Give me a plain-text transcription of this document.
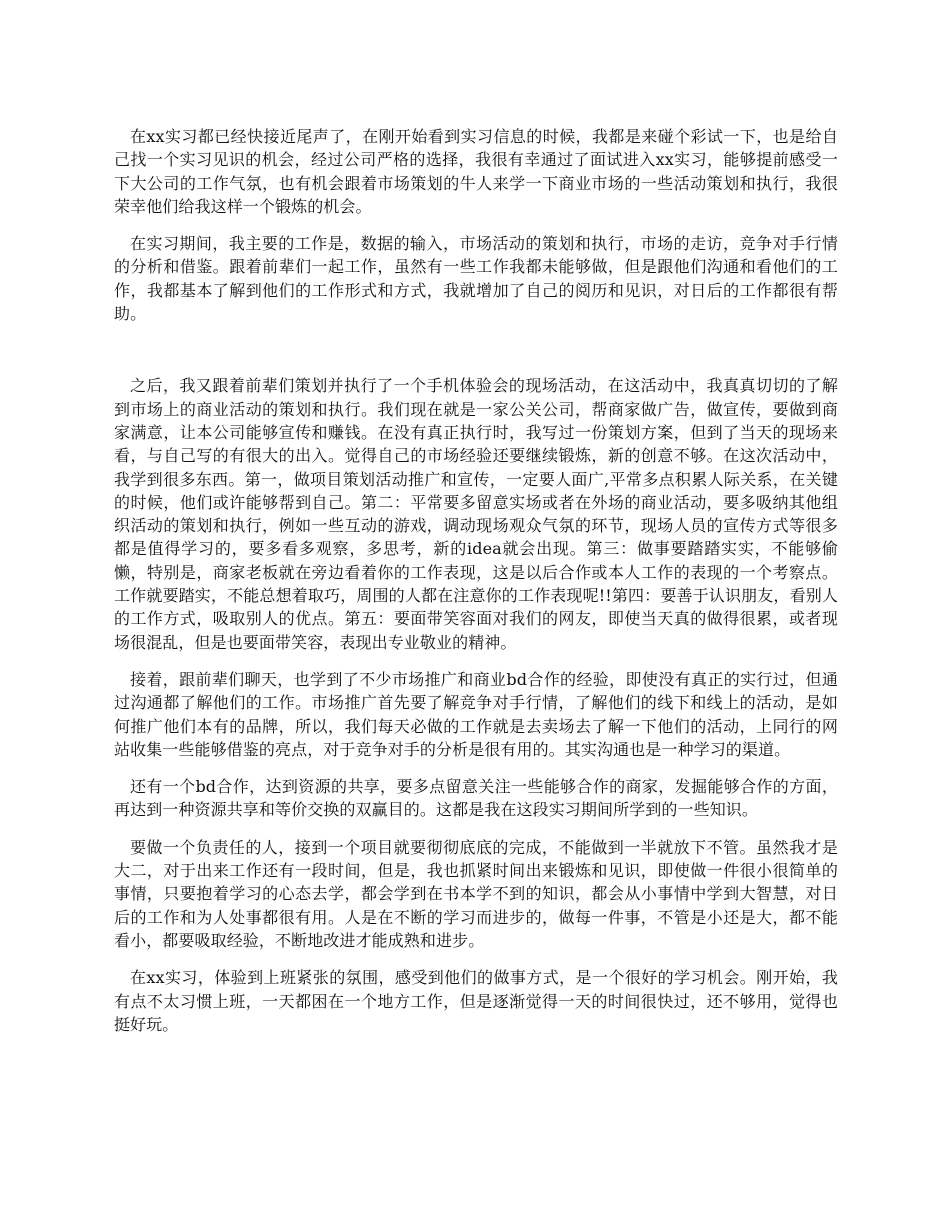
在xx实习都已经快接近尾声了，在刚开始看到实习信息的时候，我都是来碰个彩试一下，也是给自己找一个实习见识的机会，经过公司严格的选择，我很有幸通过了面试进入xx实习，能够提前感受一下大公司的工作气氛，也有机会跟着市场策划的牛人来学一下商业市场的一些活动策划和执行，我很荣幸他们给我这样一个锻炼的机会。

在实习期间，我主要的工作是，数据的输入，市场活动的策划和执行，市场的走访，竞争对手行情的分析和借鉴。跟着前辈们一起工作，虽然有一些工作我都未能够做，但是跟他们沟通和看他们的工作，我都基本了解到他们的工作形式和方式，我就增加了自己的阅历和见识，对日后的工作都很有帮助。

之后，我又跟着前辈们策划并执行了一个手机体验会的现场活动，在这活动中，我真真切切的了解到市场上的商业活动的策划和执行。我们现在就是一家公关公司，帮商家做广告，做宣传，要做到商家满意，让本公司能够宣传和赚钱。在没有真正执行时，我写过一份策划方案，但到了当天的现场来看，与自己写的有很大的出入。觉得自己的市场经验还要继续锻炼，新的创意不够。在这次活动中，我学到很多东西。第一，做项目策划活动推广和宣传，一定要人面广,平常多点积累人际关系，在关键的时候，他们或许能够帮到自己。第二：平常要多留意实场或者在外场的商业活动，要多吸纳其他组织活动的策划和执行，例如一些互动的游戏，调动现场观众气氛的环节，现场人员的宣传方式等很多都是值得学习的，要多看多观察，多思考，新的idea就会出现。第三：做事要踏踏实实，不能够偷懒，特别是，商家老板就在旁边看着你的工作表现，这是以后合作或本人工作的表现的一个考察点。工作就要踏实，不能总想着取巧，周围的人都在注意你的工作表现呢!!第四：要善于认识朋友，看别人的工作方式，吸取别人的优点。第五：要面带笑容面对我们的网友，即使当天真的做得很累，或者现场很混乱，但是也要面带笑容，表现出专业敬业的精神。

接着，跟前辈们聊天，也学到了不少市场推广和商业bd合作的经验，即使没有真正的实行过，但通过沟通都了解他们的工作。市场推广首先要了解竞争对手行情，了解他们的线下和线上的活动，是如何推广他们本有的品牌，所以，我们每天必做的工作就是去卖场去了解一下他们的活动，上同行的网站收集一些能够借鉴的亮点，对于竞争对手的分析是很有用的。其实沟通也是一种学习的渠道。

还有一个bd合作，达到资源的共享，要多点留意关注一些能够合作的商家，发掘能够合作的方面，再达到一种资源共享和等价交换的双赢目的。这都是我在这段实习期间所学到的一些知识。

要做一个负责任的人，接到一个项目就要彻彻底底的完成，不能做到一半就放下不管。虽然我才是大二，对于出来工作还有一段时间，但是，我也抓紧时间出来锻炼和见识，即使做一件很小很简单的事情，只要抱着学习的心态去学，都会学到在书本学不到的知识，都会从小事情中学到大智慧，对日后的工作和为人处事都很有用。人是在不断的学习而进步的，做每一件事，不管是小还是大，都不能看小，都要吸取经验，不断地改进才能成熟和进步。

在xx实习，体验到上班紧张的氛围，感受到他们的做事方式，是一个很好的学习机会。刚开始，我有点不太习惯上班，一天都困在一个地方工作，但是逐渐觉得一天的时间很快过，还不够用，觉得也挺好玩。
